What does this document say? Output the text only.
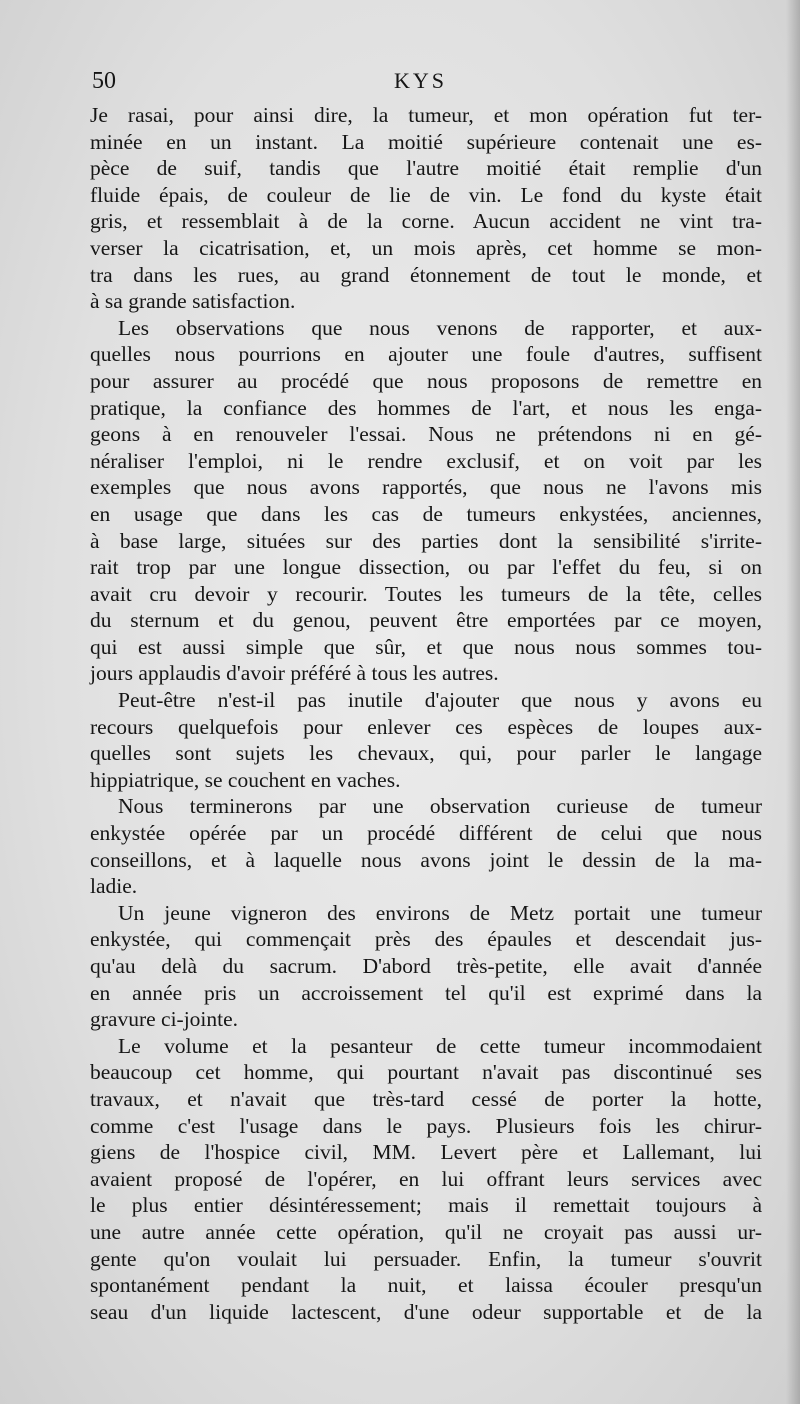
50	KYS
Je rasai, pour ainsi dire, la tumeur, et mon opération fut ter-
minée en un instant. La moitié supérieure contenait une es-
pèce de suif, tandis que l'autre moitié était remplie d'un
fluide épais, de couleur de lie de vin. Le fond du kyste était
gris, et ressemblait à de la corne. Aucun accident ne vint tra-
verser la cicatrisation, et, un mois après, cet homme se mon-
tra dans les rues, au grand étonnement de tout le monde, et
à sa grande satisfaction.
Les observations que nous venons de rapporter, et aux-
quelles nous pourrions en ajouter une foule d'autres, suffisent
pour assurer au procédé que nous proposons de remettre en
pratique, la confiance des hommes de l'art, et nous les enga-
geons à en renouveler l'essai. Nous ne prétendons ni en gé-
néraliser l'emploi, ni le rendre exclusif, et on voit par les
exemples que nous avons rapportés, que nous ne l'avons mis
en usage que dans les cas de tumeurs enkystées, anciennes,
à base large, situées sur des parties dont la sensibilité s'irrite-
rait trop par une longue dissection, ou par l'effet du feu, si on
avait cru devoir y recourir. Toutes les tumeurs de la tête, celles
du sternum et du genou, peuvent être emportées par ce moyen,
qui est aussi simple que sûr, et que nous nous sommes tou-
jours applaudis d'avoir préféré à tous les autres.
Peut-être n'est-il pas inutile d'ajouter que nous y avons eu
recours quelquefois pour enlever ces espèces de loupes aux-
quelles sont sujets les chevaux, qui, pour parler le langage
hippiatrique, se couchent en vaches.
Nous terminerons par une observation curieuse de tumeur
enkystée opérée par un procédé différent de celui que nous
conseillons, et à laquelle nous avons joint le dessin de la ma-
ladie.
Un jeune vigneron des environs de Metz portait une tumeur
enkystée, qui commençait près des épaules et descendait jus-
qu'au delà du sacrum. D'abord très-petite, elle avait d'année
en année pris un accroissement tel qu'il est exprimé dans la
gravure ci-jointe.
Le volume et la pesanteur de cette tumeur incommodaient
beaucoup cet homme, qui pourtant n'avait pas discontinué ses
travaux, et n'avait que très-tard cessé de porter la hotte,
comme c'est l'usage dans le pays. Plusieurs fois les chirur-
giens de l'hospice civil, MM. Levert père et Lallemant, lui
avaient proposé de l'opérer, en lui offrant leurs services avec
le plus entier désintéressement; mais il remettait toujours à
une autre année cette opération, qu'il ne croyait pas aussi ur-
gente qu'on voulait lui persuader. Enfin, la tumeur s'ouvrit
spontanément pendant la nuit, et laissa écouler presqu'un
seau d'un liquide lactescent, d'une odeur supportable et de la
